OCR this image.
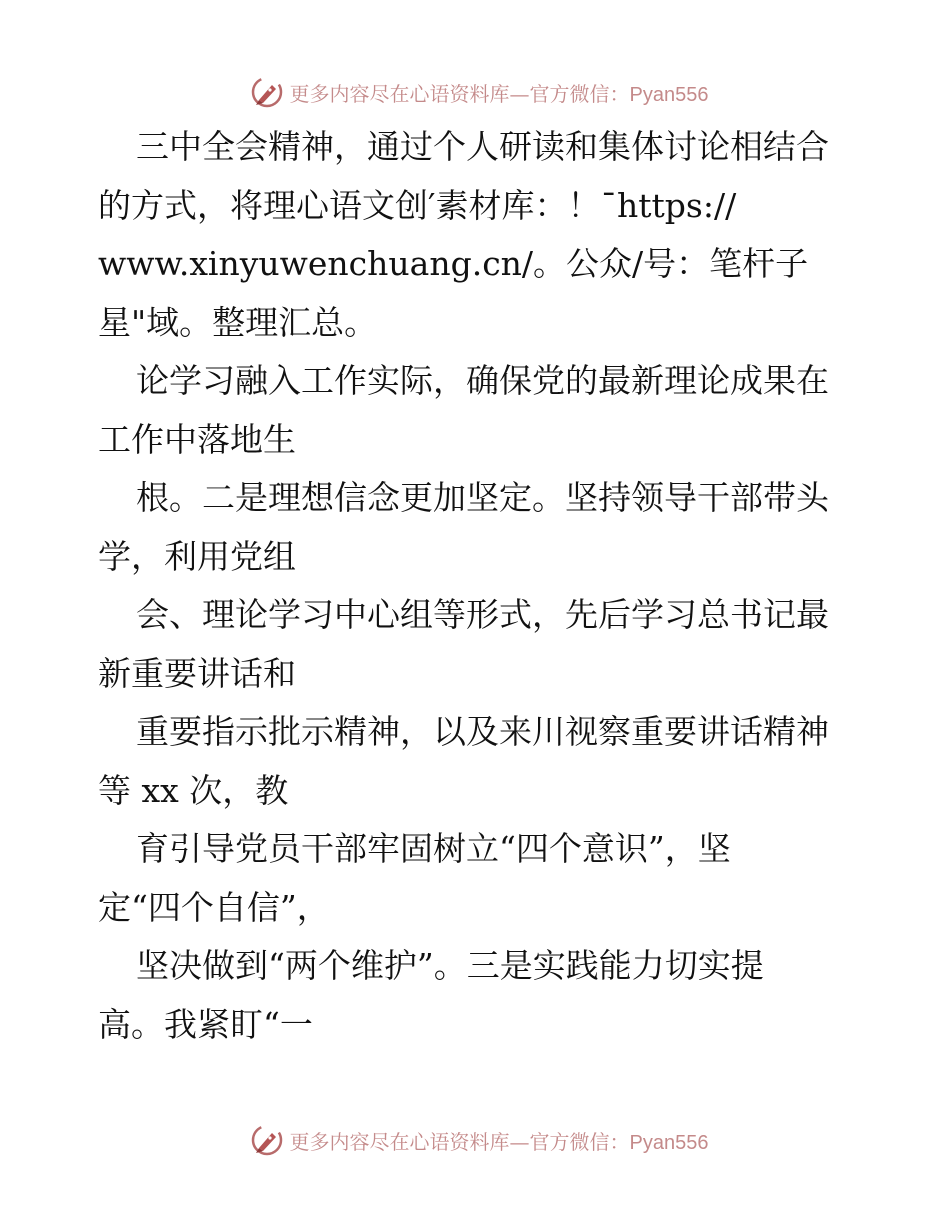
更多内容尽在心语资料库—官方微信：Pyan556
三中全会精神，通过个人研读和集体讨论相结合
的方式，将理心语文创′素材库：！¯https://
www.xinyuwenchuang.cn/。公众/号：笔杆子
星"域。整理汇总。
论学习融入工作实际，确保党的最新理论成果在
工作中落地生
根。二是理想信念更加坚定。坚持领导干部带头
学，利用党组
会、理论学习中心组等形式，先后学习总书记最
新重要讲话和
重要指示批示精神，以及来川视察重要讲话精神
等 xx 次，教
育引导党员干部牢固树立“四个意识”，坚
定“四个自信”，
坚决做到“两个维护”。三是实践能力切实提
高。我紧盯“一
更多内容尽在心语资料库—官方微信：Pyan556
